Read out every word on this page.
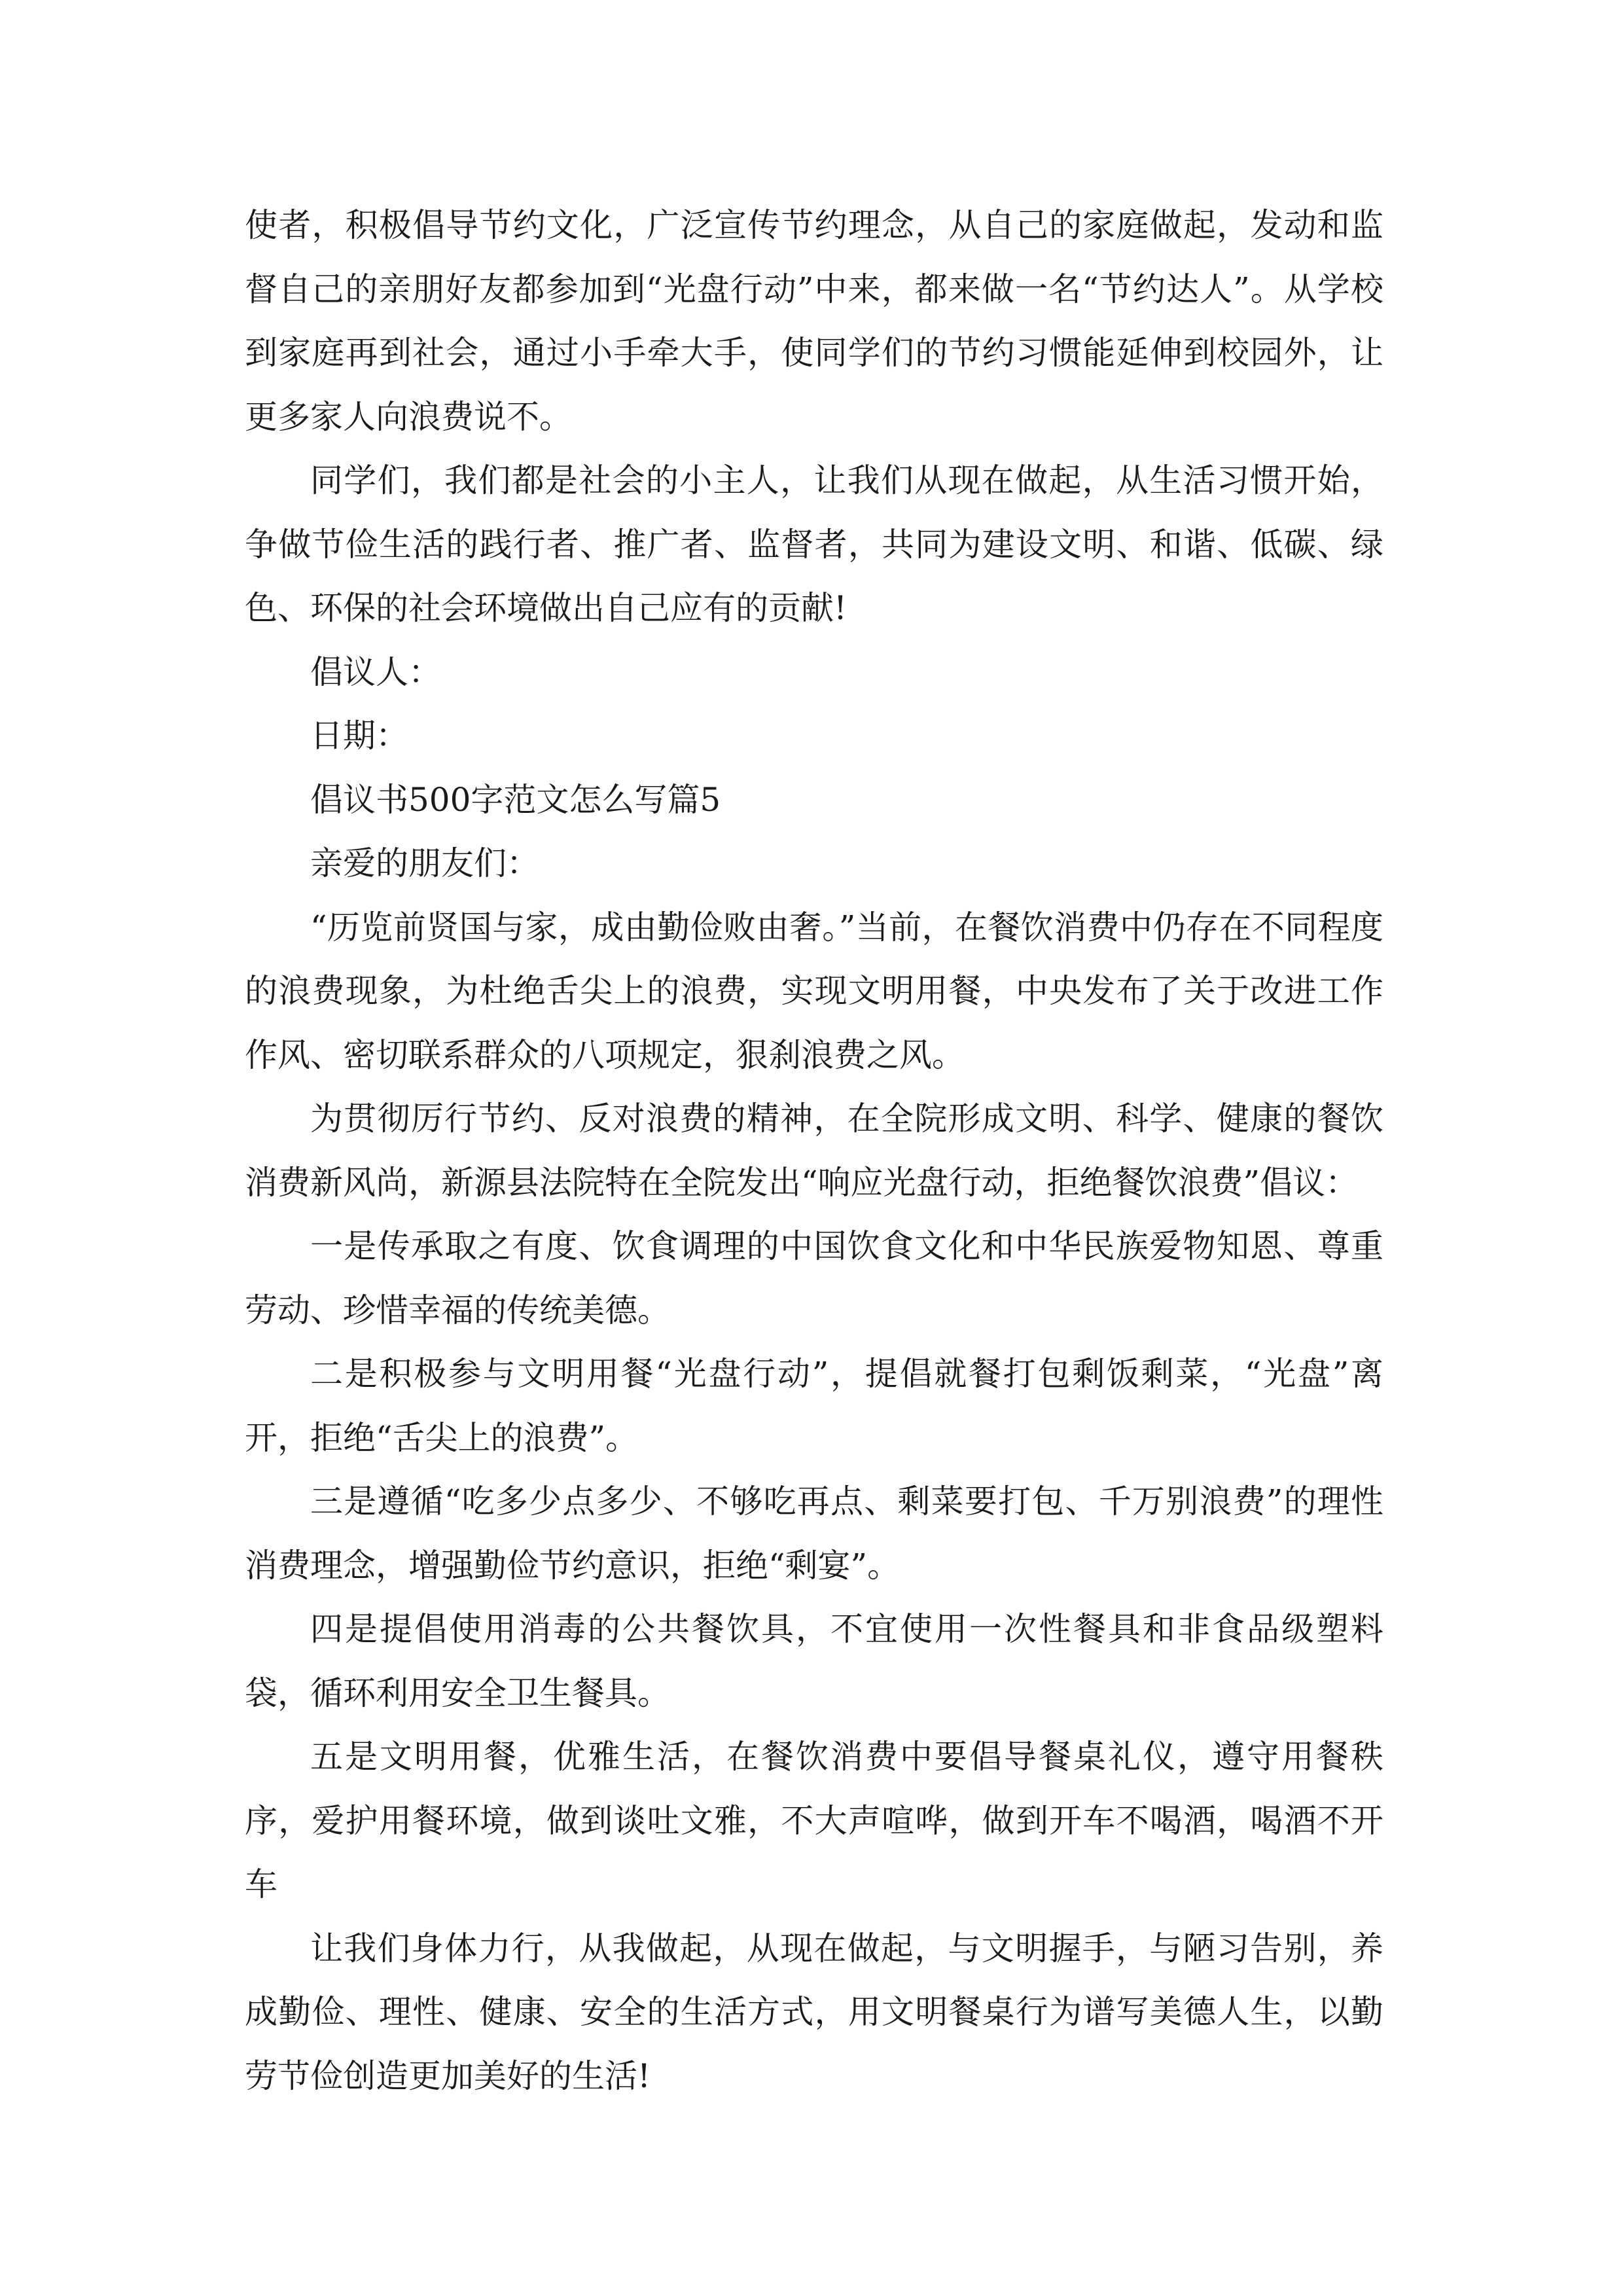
使者，积极倡导节约文化，广泛宣传节约理念，从自己的家庭做起，发动和监督自己的亲朋好友都参加到“光盘行动”中来，都来做一名“节约达人”。从学校到家庭再到社会，通过小手牵大手，使同学们的节约习惯能延伸到校园外，让更多家人向浪费说不。

同学们，我们都是社会的小主人，让我们从现在做起，从生活习惯开始，争做节俭生活的践行者、推广者、监督者，共同为建设文明、和谐、低碳、绿色、环保的社会环境做出自己应有的贡献!

倡议人：

日期：

倡议书500字范文怎么写篇5

亲爱的朋友们：

“历览前贤国与家，成由勤俭败由奢。”当前，在餐饮消费中仍存在不同程度的浪费现象，为杜绝舌尖上的浪费，实现文明用餐，中央发布了关于改进工作作风、密切联系群众的八项规定，狠刹浪费之风。

为贯彻厉行节约、反对浪费的精神，在全院形成文明、科学、健康的餐饮消费新风尚，新源县法院特在全院发出“响应光盘行动，拒绝餐饮浪费”倡议：

一是传承取之有度、饮食调理的中国饮食文化和中华民族爱物知恩、尊重劳动、珍惜幸福的传统美德。

二是积极参与文明用餐“光盘行动”，提倡就餐打包剩饭剩菜，“光盘”离开，拒绝“舌尖上的浪费”。

三是遵循“吃多少点多少、不够吃再点、剩菜要打包、千万别浪费”的理性消费理念，增强勤俭节约意识，拒绝“剩宴”。

四是提倡使用消毒的公共餐饮具，不宜使用一次性餐具和非食品级塑料袋，循环利用安全卫生餐具。

五是文明用餐，优雅生活，在餐饮消费中要倡导餐桌礼仪，遵守用餐秩序，爱护用餐环境，做到谈吐文雅，不大声喧哗，做到开车不喝酒，喝酒不开车

让我们身体力行，从我做起，从现在做起，与文明握手，与陋习告别，养成勤俭、理性、健康、安全的生活方式，用文明餐桌行为谱写美德人生，以勤劳节俭创造更加美好的生活!
